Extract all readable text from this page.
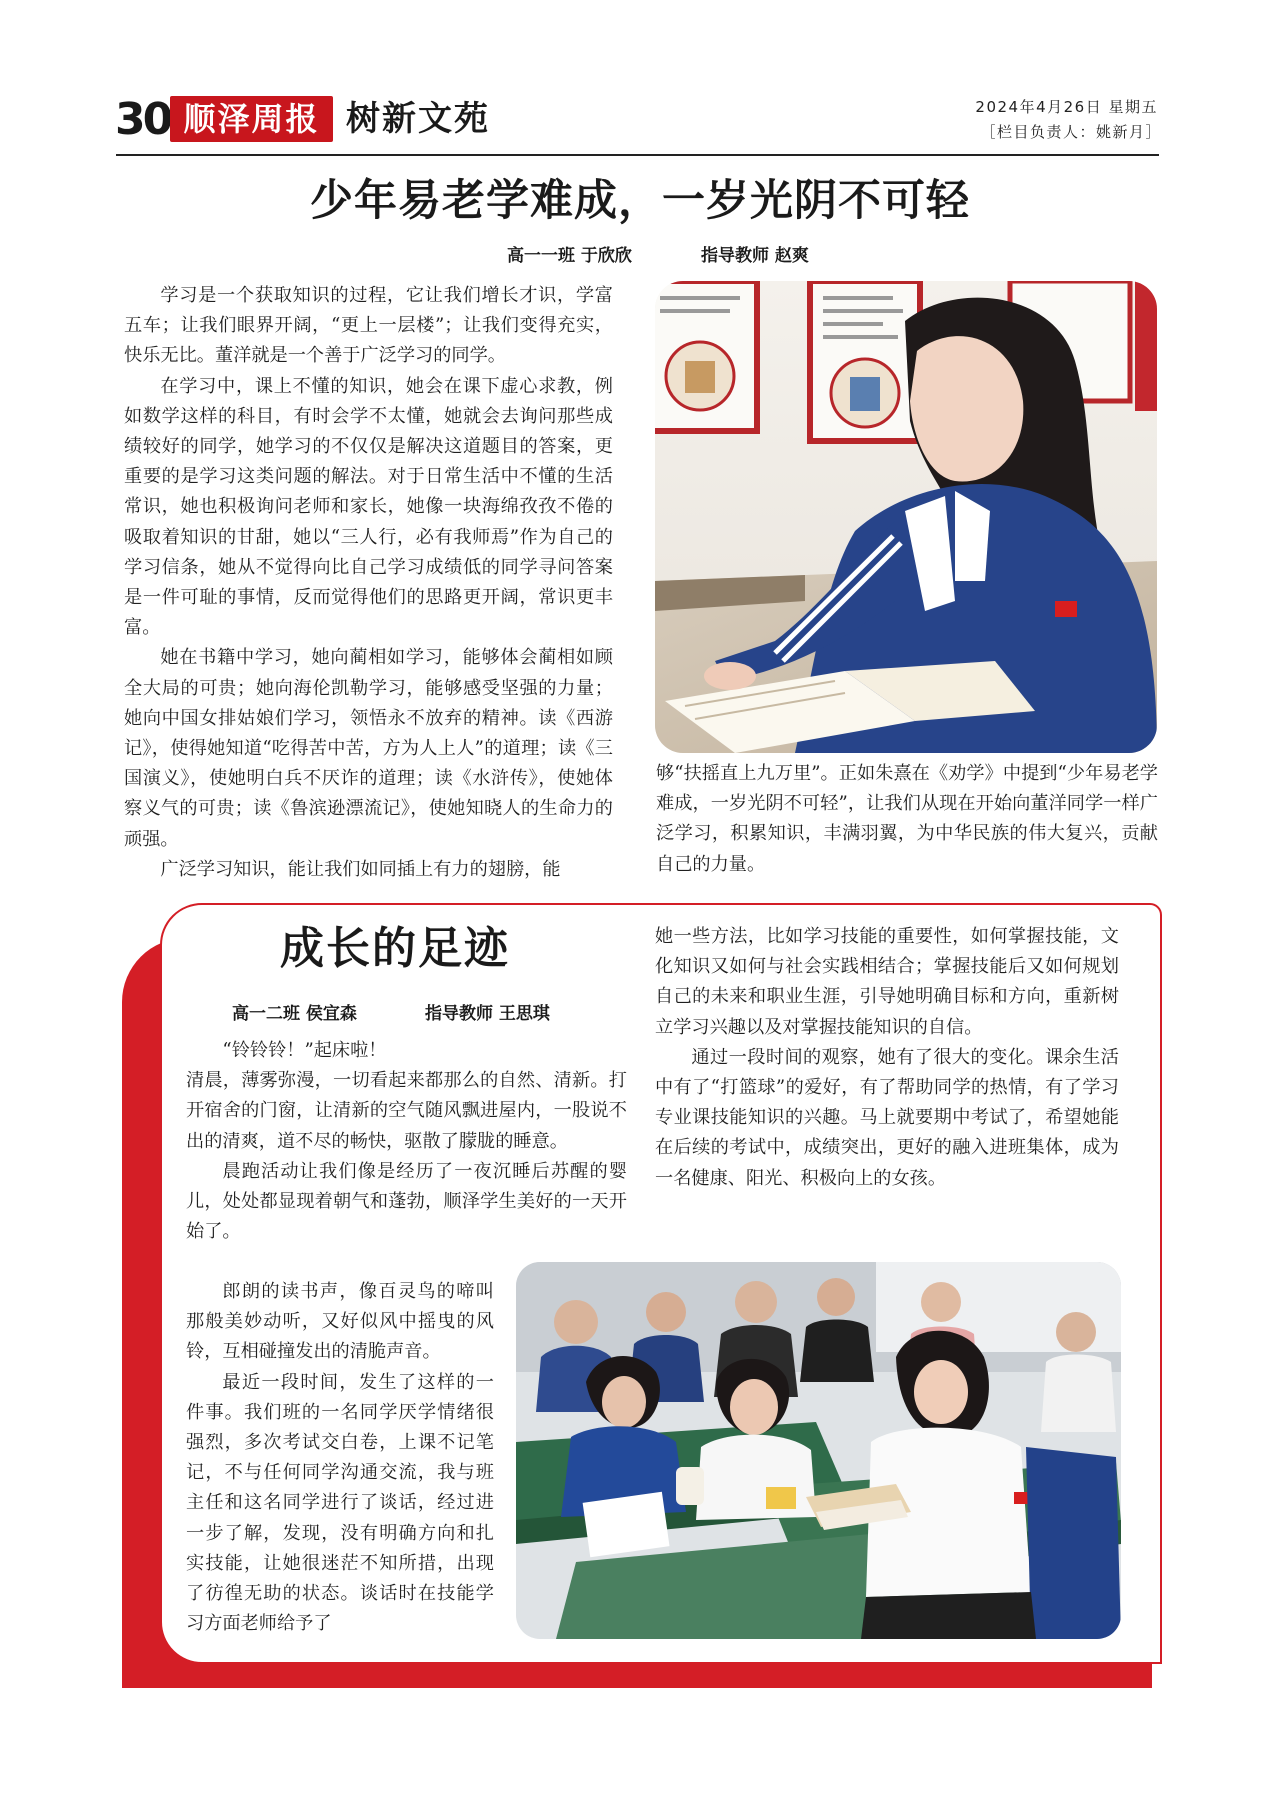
30 顺泽周报 树新文苑	2024年4月26日 星期五
［栏目负责人：姚新月］
少年易老学难成，一岁光阴不可轻
高一一班 于欣欣	指导教师 赵爽

学习是一个获取知识的过程，它让我们增长才识，学富五车；让我们眼界开阔，“更上一层楼”；让我们变得充实，快乐无比。董洋就是一个善于广泛学习的同学。

在学习中，课上不懂的知识，她会在课下虚心求教，例如数学这样的科目，有时会学不太懂，她就会去询问那些成绩较好的同学，她学习的不仅仅是解决这道题目的答案，更重要的是学习这类问题的解法。对于日常生活中不懂的生活常识，她也积极询问老师和家长，她像一块海绵孜孜不倦的吸取着知识的甘甜，她以“三人行，必有我师焉”作为自己的学习信条，她从不觉得向比自己学习成绩低的同学寻问答案是一件可耻的事情，反而觉得他们的思路更开阔，常识更丰富。

她在书籍中学习，她向蔺相如学习，能够体会蔺相如顾全大局的可贵；她向海伦凯勒学习，能够感受坚强的力量；她向中国女排姑娘们学习，领悟永不放弃的精神。读《西游记》，使得她知道“吃得苦中苦，方为人上人”的道理；读《三国演义》，使她明白兵不厌诈的道理；读《水浒传》，使她体察义气的可贵；读《鲁滨逊漂流记》，使她知晓人的生命力的顽强。

广泛学习知识，能让我们如同插上有力的翅膀，能

够“扶摇直上九万里”。正如朱熹在《劝学》中提到“少年易老学难成，一岁光阴不可轻”，让我们从现在开始向董洋同学一样广泛学习，积累知识，丰满羽翼，为中华民族的伟大复兴，贡献自己的力量。

成长的足迹
高一二班 侯宜森	指导教师 王思琪

“铃铃铃！”起床啦！

清晨，薄雾弥漫，一切看起来都那么的自然、清新。打开宿舍的门窗，让清新的空气随风飘进屋内，一股说不出的清爽，道不尽的畅快，驱散了朦胧的睡意。

晨跑活动让我们像是经历了一夜沉睡后苏醒的婴儿，处处都显现着朝气和蓬勃，顺泽学生美好的一天开始了。

郎朗的读书声，像百灵鸟的啼叫那般美妙动听，又好似风中摇曳的风铃，互相碰撞发出的清脆声音。

最近一段时间，发生了这样的一件事。我们班的一名同学厌学情绪很强烈，多次考试交白卷，上课不记笔记，不与任何同学沟通交流，我与班主任和这名同学进行了谈话，经过进一步了解，发现，没有明确方向和扎实技能，让她很迷茫不知所措，出现了彷徨无助的状态。谈话时在技能学习方面老师给予了

她一些方法，比如学习技能的重要性，如何掌握技能，文化知识又如何与社会实践相结合；掌握技能后又如何规划自己的未来和职业生涯，引导她明确目标和方向，重新树立学习兴趣以及对掌握技能知识的自信。

通过一段时间的观察，她有了很大的变化。课余生活中有了“打篮球”的爱好，有了帮助同学的热情，有了学习专业课技能知识的兴趣。马上就要期中考试了，希望她能在后续的考试中，成绩突出，更好的融入进班集体，成为一名健康、阳光、积极向上的女孩。
